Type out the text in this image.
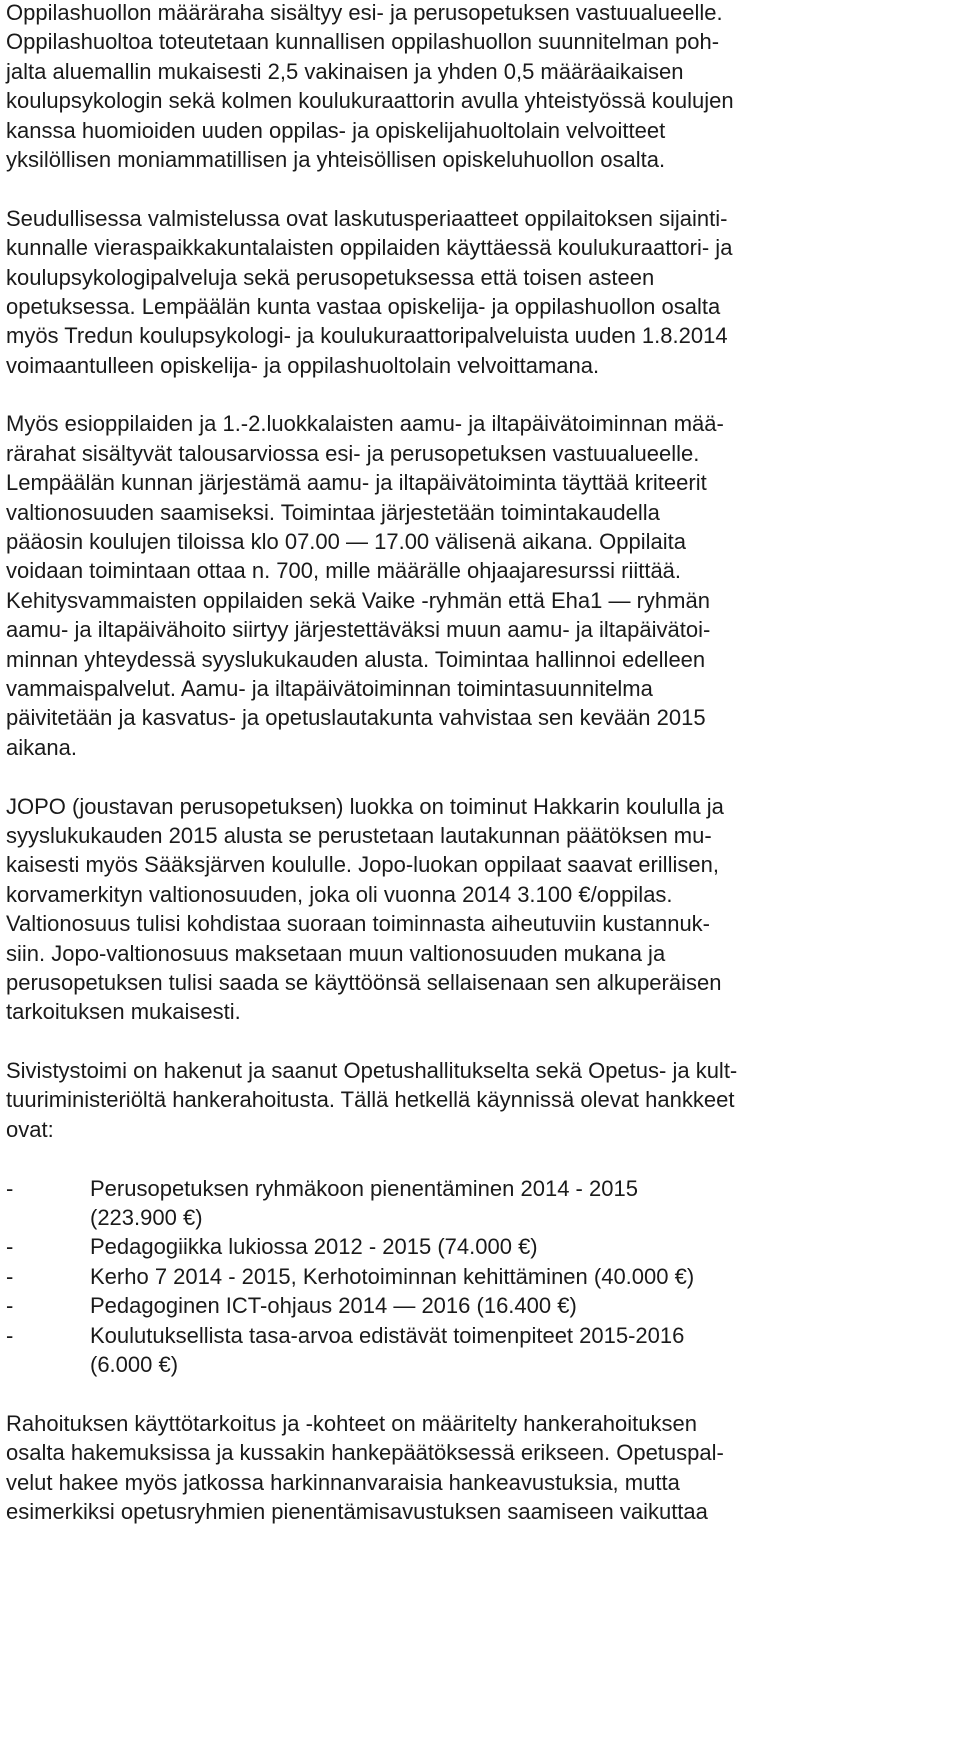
Oppilashuollon määräraha sisältyy esi- ja perusopetuksen vastuualueelle.
Oppilashuoltoa toteutetaan kunnallisen oppilashuollon suunnitelman poh-
jalta aluemallin mukaisesti 2,5 vakinaisen ja yhden 0,5 määräaikaisen
koulupsykologin sekä kolmen koulukuraattorin avulla yhteistyössä koulujen
kanssa huomioiden uuden oppilas- ja opiskelijahuoltolain velvoitteet
yksilöllisen moniammatillisen ja yhteisöllisen opiskeluhuollon osalta.
Seudullisessa valmistelussa ovat laskutusperiaatteet oppilaitoksen sijainti-
kunnalle vieraspaikkakuntalaisten oppilaiden käyttäessä koulukuraattori- ja
koulupsykologipalveluja sekä perusopetuksessa että toisen asteen
opetuksessa. Lempäälän kunta vastaa opiskelija- ja oppilashuollon osalta
myös Tredun koulupsykologi- ja koulukuraattoripalveluista uuden 1.8.2014
voimaantulleen opiskelija- ja oppilashuoltolain velvoittamana.
Myös esioppilaiden ja 1.-2.luokkalaisten aamu- ja iltapäivätoiminnan mää-
rärahat sisältyvät talousarviossa esi- ja perusopetuksen vastuualueelle.
Lempäälän kunnan järjestämä aamu- ja iltapäivätoiminta täyttää kriteerit
valtionosuuden saamiseksi. Toimintaa järjestetään toimintakaudella
pääosin koulujen tiloissa klo 07.00 — 17.00 välisenä aikana. Oppilaita
voidaan toimintaan ottaa n. 700, mille määrälle ohjaajaresurssi riittää.
Kehitysvammaisten oppilaiden sekä Vaike -ryhmän että Eha1 — ryhmän
aamu- ja iltapäivähoito siirtyy järjestettäväksi muun aamu- ja iltapäivätoi-
minnan yhteydessä syyslukukauden alusta. Toimintaa hallinnoi edelleen
vammaispalvelut. Aamu- ja iltapäivätoiminnan toimintasuunnitelma
päivitetään ja kasvatus- ja opetuslautakunta vahvistaa sen kevään 2015
aikana.
JOPO (joustavan perusopetuksen) luokka on toiminut Hakkarin koululla ja
syyslukukauden 2015 alusta se perustetaan lautakunnan päätöksen mu-
kaisesti myös Sääksjärven koululle. Jopo-luokan oppilaat saavat erillisen,
korvamerkityn valtionosuuden, joka oli vuonna 2014 3.100 €/oppilas.
Valtionosuus tulisi kohdistaa suoraan toiminnasta aiheutuviin kustannuk-
siin. Jopo-valtionosuus maksetaan muun valtionosuuden mukana ja
perusopetuksen tulisi saada se käyttöönsä sellaisenaan sen alkuperäisen
tarkoituksen mukaisesti.
Sivistystoimi on hakenut ja saanut Opetushallitukselta sekä Opetus- ja kult-
tuuriministeriöltä hankerahoitusta. Tällä hetkellä käynnissä olevat hankkeet
ovat:
-	Perusopetuksen ryhmäkoon pienentäminen 2014 - 2015
(223.900 €)
-	Pedagogiikka lukiossa 2012 - 2015 (74.000 €)
-	Kerho 7 2014 - 2015, Kerhotoiminnan kehittäminen (40.000 €)
-	Pedagoginen ICT-ohjaus 2014 — 2016 (16.400 €)
-	Koulutuksellista tasa-arvoa edistävät toimenpiteet 2015-2016
(6.000 €)
Rahoituksen käyttötarkoitus ja -kohteet on määritelty hankerahoituksen
osalta hakemuksissa ja kussakin hankepäätöksessä erikseen. Opetuspal-
velut hakee myös jatkossa harkinnanvaraisia hankeavustuksia, mutta
esimerkiksi opetusryhmien pienentämisavustuksen saamiseen vaikuttaa
